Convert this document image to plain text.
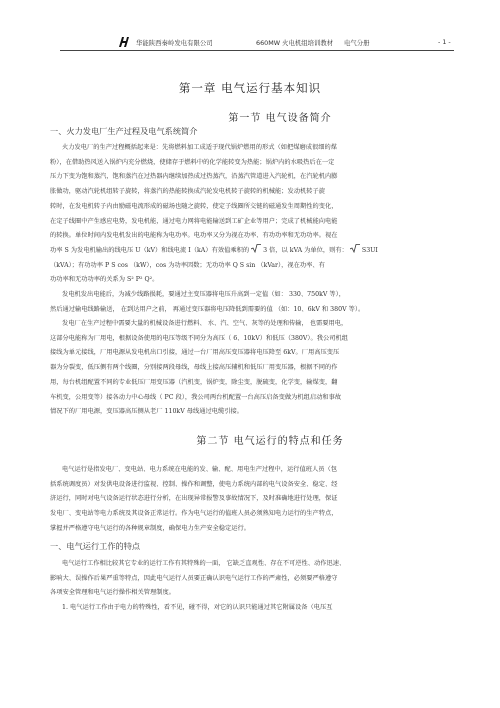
华能陕西秦岭发电有限公司	660MW 火电机组培训教材 电气分册	- 1 -
第一章 电气运行基本知识
第一节 电气设备简介
一、火力发电厂生产过程及电气系统简介
火力发电厂的生产过程概括起来是：先将燃料加工成适于现代锅炉燃用的形式（如把煤磨成很细的煤
粉），在借助热风送入锅炉内充分燃烧，使储存于燃料中的化学能转变为热能；锅炉内的水吸热后在一定
压力下变为饱和蒸汽，饱和蒸汽在过热器内继续加热成过热蒸汽，沿蒸汽管道进入汽轮机，在汽轮机内膨
胀做功，驱动汽轮机组转子旋转，将蒸汽的热能转换成汽轮发电机转子旋转的机械能；发动机转子旋
转时，在发电机转子内由励磁电流形成的磁场也随之旋转，使定子线圈所交链的磁通发生周期性的变化，
在定子线圈中产生感应电势，发电机能，通过电力网将电能输送到工矿企业等用户；完成了机械能向电能
的转换。单位时间内发电机发出的电能称为电功率。电功率又分为视在功率、有功功率和无功功率。视在
功率 S 为发电机输出的线电压 U（kV）和线电流 I（kA）有效值乘积的 3 倍，以 kVA 为单位，则有： S3UI
（kVA）；有功功率 P S cos （kW），cos 为功率因数；无功功率 Q S sin （kVar），视在功率、有
功功率和无功功率的关系为 S² P² Q²。
发电机发出电能后，为减少线路损耗，要通过主变压器将电压升高到一定值（如： 330、750kV 等），
然后通过输电线路输送， 在到达用户之前， 再通过变压器将电压降低到需要的值 （如：10、6kV 和 380V 等）。
发电厂在生产过程中需要大量的机械设备进行燃料、 水、汽、空气、灰等的处理和传输， 也需要用电，
这部分电能称为厂用电，根据设备使用的电压等级不同分为高压（ 6、10kV）和低压（380V）。我公司机组
接线为单元接线，厂用电源从发电机出口引接，通过一台厂用高压变压器将电压降至 6kV。厂用高压变压
器为分裂变，低压侧有两个线圈，分别接两段母线，母线上接高压辅机和低压厂用变压器，根据不同的作
用，每台机组配置不同的专业低压厂用变压器（汽机变，锅炉变，除尘变，脱硫变，化学变，输煤变，翻
车机变，公用变等）接各动力中心母线（ PC 段），我公司两台机配置一台高压启备变做为机组启动和事故
情况下的厂用电源，变压器高压侧从老厂 110kV 母线通过电缆引接。
第二节 电气运行的特点和任务
电气运行是指发电厂、变电站、电力系统在电能的发、输、配、用电生产过程中，运行值班人员（包
括系统调度员）对发供电设备进行监视、控制、操作和调整，使电力系统内部的电气设备安全、稳定、经
济运行，同时对电气设备运行状态进行分析，在出现异常报警及事故情况下，及时准确地进行处理，保证
发电厂、变电站等电力系统及其设备正常运行。作为电气运行的值班人员必须熟知电力运行的生产特点，
掌握并严格遵守电气运行的各种规章制度，确保电力生产安全稳定运行。
一、电气运行工作的特点
电气运行工作相比较其它专业的运行工作有其特殊的一面， 它缺乏直观性、存在不可逆性、动作迅速、
影响大、误操作后果严重等特点，因此电气运行人员要正确认识电气运行工作的严肃性，必须要严格遵守
各项安全管理和电气运行操作相关管理制度。
1. 电气运行工作由于电力的特殊性，看不见，碰不得，对它的认识只能通过其它附属设备（电压互
